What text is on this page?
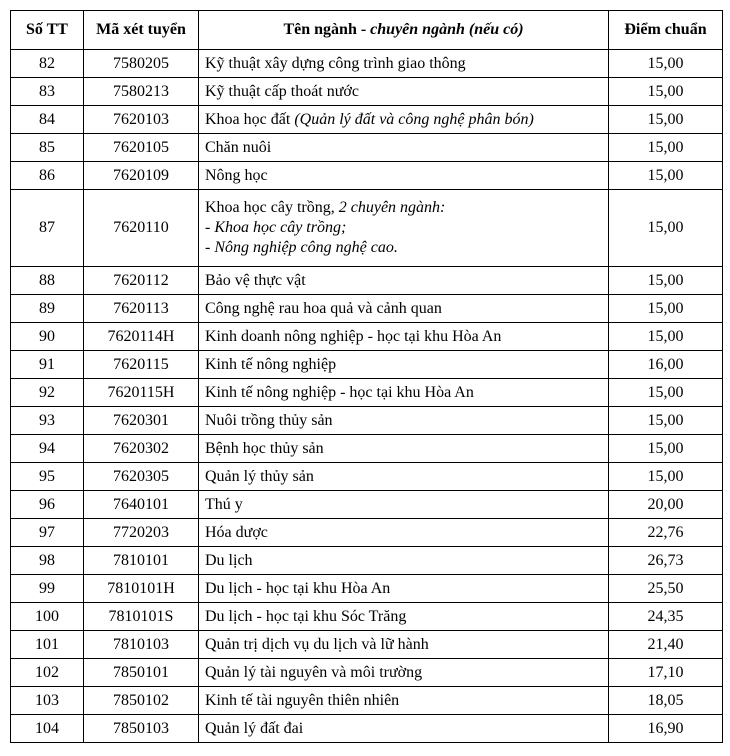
Số TT	Mã xét tuyển	Tên ngành - chuyên ngành (nếu có)	Điểm chuẩn
82	7580205	Kỹ thuật xây dựng công trình giao thông	15,00
83	7580213	Kỹ thuật cấp thoát nước	15,00
84	7620103	Khoa học đất (Quản lý đất và công nghệ phân bón)	15,00
85	7620105	Chăn nuôi	15,00
86	7620109	Nông học	15,00
87	7620110	Khoa học cây trồng, 2 chuyên ngành:
- Khoa học cây trồng;
- Nông nghiệp công nghệ cao.	15,00
88	7620112	Bảo vệ thực vật	15,00
89	7620113	Công nghệ rau hoa quả và cảnh quan	15,00
90	7620114H	Kinh doanh nông nghiệp - học tại khu Hòa An	15,00
91	7620115	Kinh tế nông nghiệp	16,00
92	7620115H	Kinh tế nông nghiệp - học tại khu Hòa An	15,00
93	7620301	Nuôi trồng thủy sản	15,00
94	7620302	Bệnh học thủy sản	15,00
95	7620305	Quản lý thủy sản	15,00
96	7640101	Thú y	20,00
97	7720203	Hóa dược	22,76
98	7810101	Du lịch	26,73
99	7810101H	Du lịch - học tại khu Hòa An	25,50
100	7810101S	Du lịch - học tại khu Sóc Trăng	24,35
101	7810103	Quản trị dịch vụ du lịch và lữ hành	21,40
102	7850101	Quản lý tài nguyên và môi trường	17,10
103	7850102	Kinh tế tài nguyên thiên nhiên	18,05
104	7850103	Quản lý đất đai	16,90
